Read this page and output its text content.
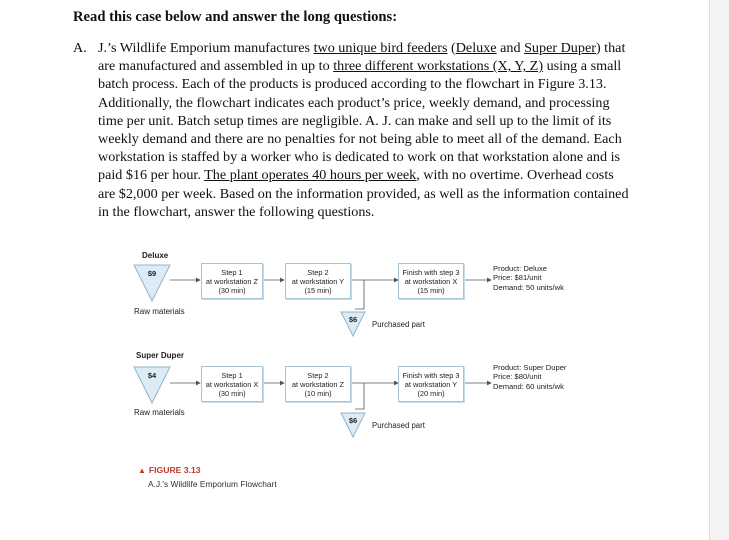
Read this case below and answer the long questions:
A. J.’s Wildlife Emporium manufactures two unique bird feeders (Deluxe and Super Duper) that are manufactured and assembled in up to three different workstations (X, Y, Z) using a small batch process. Each of the products is produced according to the flowchart in Figure 3.13. Additionally, the flowchart indicates each product’s price, weekly demand, and processing time per unit. Batch setup times are negligible. A. J. can make and sell up to the limit of its weekly demand and there are no penalties for not being able to meet all of the demand. Each workstation is staffed by a worker who is dedicated to work on that workstation alone and is paid $16 per hour. The plant operates 40 hours per week, with no overtime. Overhead costs are $2,000 per week. Based on the information provided, as well as the information contained in the flowchart, answer the following questions.
Deluxe
$9
Raw materials
Step 1
at workstation Z
(30 min)
Step 2
at workstation Y
(15 min)
Finish with step 3
at workstation X
(15 min)
$6
Purchased part
Product: Deluxe
Price: $81/unit
Demand: 50 units/wk
Super Duper
$4
Raw materials
Step 1
at workstation X
(30 min)
Step 2
at workstation Z
(10 min)
Finish with step 3
at workstation Y
(20 min)
$6
Purchased part
Product: Super Duper
Price: $80/unit
Demand: 60 units/wk
▲ FIGURE 3.13
A.J.'s Wildlife Emporium Flowchart
